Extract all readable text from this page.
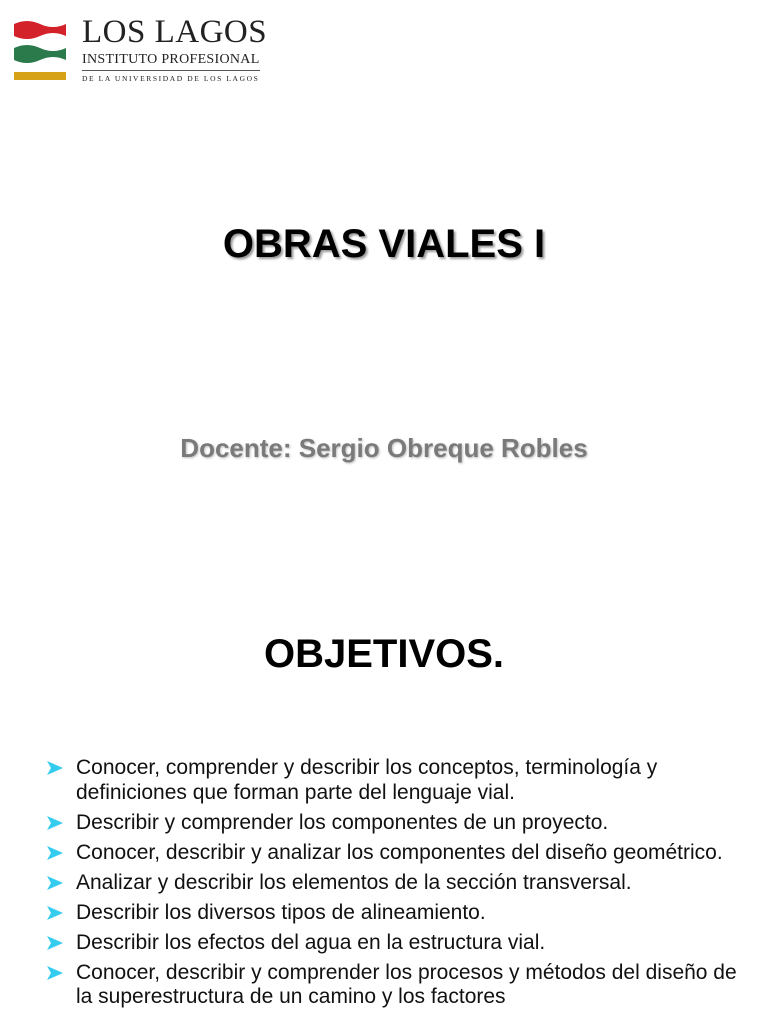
LOS LAGOS
INSTITUTO PROFESIONAL
DE LA UNIVERSIDAD DE LOS LAGOS
OBRAS VIALES I
Docente: Sergio Obreque Robles
OBJETIVOS.
Conocer, comprender y describir los conceptos, terminología y definiciones que forman parte del lenguaje vial.
Describir y comprender los componentes de un proyecto.
Conocer, describir y analizar los componentes del diseño geométrico.
Analizar y describir los elementos de la sección transversal.
Describir los diversos tipos de alineamiento.
Describir los efectos del agua en la estructura vial.
Conocer, describir y comprender los procesos y métodos del diseño de la superestructura de un camino y los factores
